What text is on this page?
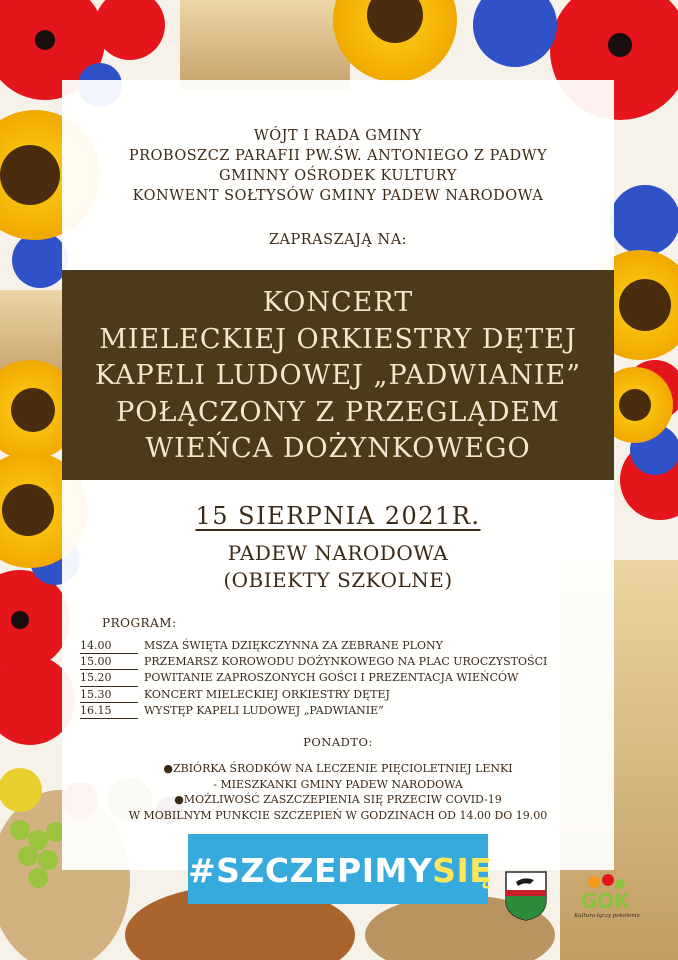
WÓJT I RADA GMINY
PROBOSZCZ PARAFII PW.ŚW. ANTONIEGO Z PADWY
GMINNY OŚRODEK KULTURY
KONWENT SOŁTYSÓW GMINY PADEW NARODOWA
ZAPRASZAJĄ NA:
KONCERT
MIELECKIEJ ORKIESTRY DĘTEJ
KAPELI LUDOWEJ „PADWIANIE”
POŁĄCZONY Z PRZEGLĄDEM
WIEŃCA DOŻYNKOWEGO
15 SIERPNIA 2021R.
PADEW NARODOWA
(OBIEKTY SZKOLNE)
PROGRAM:
14.00	MSZA ŚWIĘTA DZIĘKCZYNNA ZA ZEBRANE PLONY
15.00	PRZEMARSZ KOROWODU DOŻYNKOWEGO NA PLAC UROCZYSTOŚCI
15.20	POWITANIE ZAPROSZONYCH GOŚCI I PREZENTACJA WIEŃCÓW
15.30	KONCERT MIELECKIEJ ORKIESTRY DĘTEJ
16.15	WYSTĘP KAPELI LUDOWEJ „PADWIANIE”
PONADTO:
●ZBIÓRKA ŚRODKÓW NA LECZENIE PIĘCIOLETNIEJ LENKI
- MIESZKANKI GMINY PADEW NARODOWA
●MOŻLIWOŚĆ ZASZCZEPIENIA SIĘ PRZECIW COVID-19
W MOBILNYM PUNKCIE SZCZEPIEŃ W GODZINACH OD 14.00 DO 19.00
#SZCZEPIMYSIĘ
GOK
Kultura łączy pokolenia
